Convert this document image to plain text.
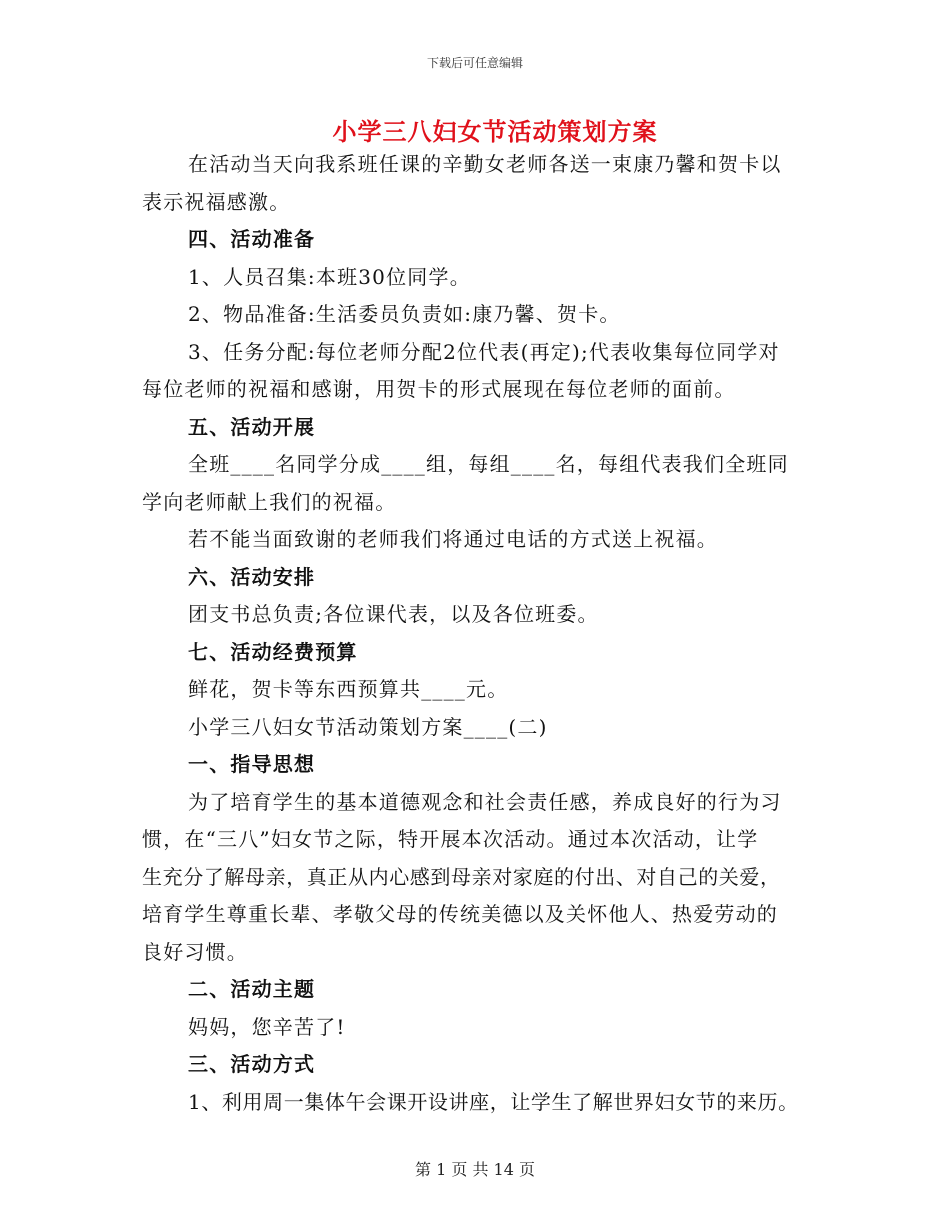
下载后可任意编辑
小学三八妇女节活动策划方案
在活动当天向我系班任课的辛勤女老师各送一束康乃馨和贺卡以
表示祝福感激。
四、活动准备
1、人员召集:本班30位同学。
2、物品准备:生活委员负责如:康乃馨、贺卡。
3、任务分配:每位老师分配2位代表(再定);代表收集每位同学对
每位老师的祝福和感谢，用贺卡的形式展现在每位老师的面前。
五、活动开展
全班____名同学分成____组，每组____名，每组代表我们全班同
学向老师献上我们的祝福。
若不能当面致谢的老师我们将通过电话的方式送上祝福。
六、活动安排
团支书总负责;各位课代表，以及各位班委。
七、活动经费预算
鲜花，贺卡等东西预算共____元。
小学三八妇女节活动策划方案____(二)
一、指导思想
为了培育学生的基本道德观念和社会责任感，养成良好的行为习
惯，在“三八”妇女节之际，特开展本次活动。通过本次活动，让学
生充分了解母亲，真正从内心感到母亲对家庭的付出、对自己的关爱，
培育学生尊重长辈、孝敬父母的传统美德以及关怀他人、热爱劳动的
良好习惯。
二、活动主题
妈妈，您辛苦了!
三、活动方式
1、利用周一集体午会课开设讲座，让学生了解世界妇女节的来历。
第 1 页 共 14 页
